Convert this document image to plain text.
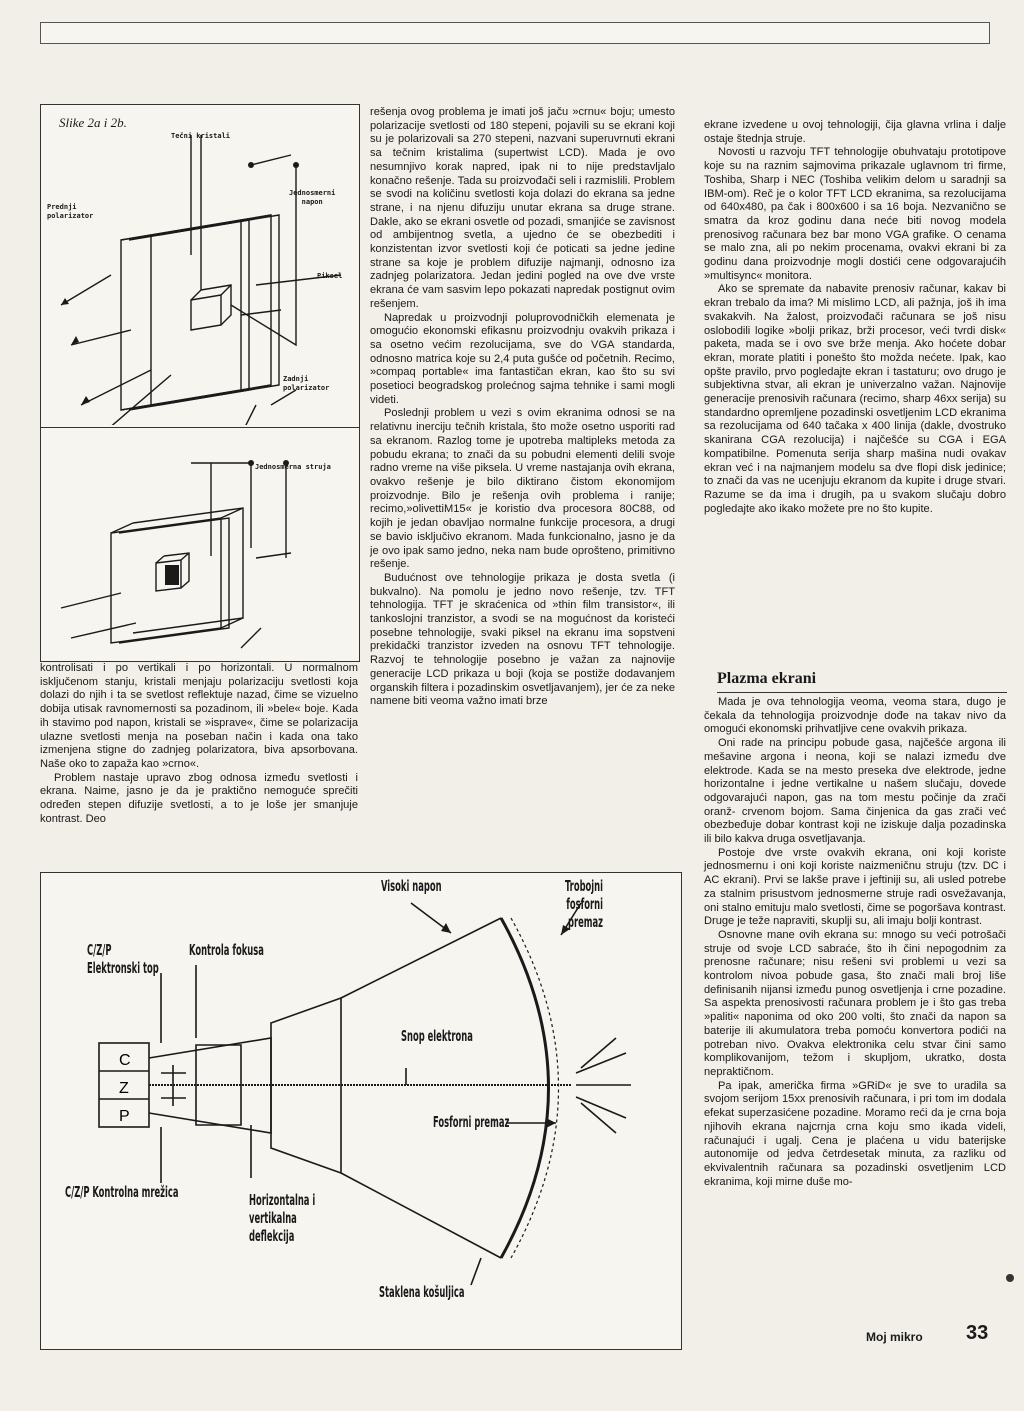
Slike 2a i 2b.
Tečni kristali
Prednji
polarizator
Jednosmerni
napon
Piksel
Zadnji
polarizator
Jednosmerna struja

kontrolisati i po vertikali i po horizontali. U normalnom isključenom stanju, kristali menjaju polarizaciju svetlosti koja dolazi do njih i ta se svetlost reflektuje nazad, čime se vizuelno dobija utisak ravnomernosti sa pozadinom, ili »bele« boje. Kada ih stavimo pod napon, kristali se »isprave«, čime se polarizacija ulazne svetlosti menja na poseban način i kada ona tako izmenjena stigne do zadnjeg polarizatora, biva apsorbovana. Naše oko to zapaža kao »crno«.

Problem nastaje upravo zbog odnosa između svetlosti i ekrana. Naime, jasno je da je praktično nemoguće sprečiti određen stepen difuzije svetlosti, a to je loše jer smanjuje kontrast. Deo

rešenja ovog problema je imati još jaču »crnu« boju; umesto polarizacije svetlosti od 180 stepeni, pojavili su se ekrani koji su je polarizovali sa 270 stepeni, nazvani superuvrnuti ekrani sa tečnim kristalima (supertwist LCD). Mada je ovo nesumnjivo korak napred, ipak ni to nije predstavljalo konačno rešenje. Tada su proizvođači seli i razmislili. Problem se svodi na količinu svetlosti koja dolazi do ekrana sa jedne strane, i na njenu difuziju unutar ekrana sa druge strane. Dakle, ako se ekrani osvetle od pozadi, smanjiće se zavisnost od ambijentnog svetla, a ujedno će se obezbediti i konzistentan izvor svetlosti koji će poticati sa jedne jedine strane sa koje je problem difuzije najmanji, odnosno iza zadnjeg polarizatora. Jedan jedini pogled na ove dve vrste ekrana će vam sasvim lepo pokazati napredak postignut ovim rešenjem.

Napredak u proizvodnji poluprovodničkih elemenata je omogućio ekonomski efikasnu proizvodnju ovakvih prikaza i sa osetno većim rezolucijama, sve do VGA standarda, odnosno matrica koje su 2,4 puta gušće od početnih. Recimo, »compaq portable« ima fantastičan ekran, kao što su svi posetioci beogradskog prolećnog sajma tehnike i sami mogli videti.

Poslednji problem u vezi s ovim ekranima odnosi se na relativnu inerciju tečnih kristala, što može osetno usporiti rad sa ekranom. Razlog tome je upotreba maltipleks metoda za pobudu ekrana; to znači da su pobudni elementi delili svoje radno vreme na više piksela. U vreme nastajanja ovih ekrana, ovakvo rešenje je bilo diktirano čistom ekonomijom proizvodnje. Bilo je rešenja ovih problema i ranije; recimo,»olivettiM15« je koristio dva procesora 80C88, od kojih je jedan obavljao normalne funkcije procesora, a drugi se bavio isključivo ekranom. Mada funkcionalno, jasno je da je ovo ipak samo jedno, neka nam bude oprošteno, primitivno rešenje.

Budućnost ove tehnologije prikaza je dosta svetla (i bukvalno). Na pomolu je jedno novo rešenje, tzv. TFT tehnologija. TFT je skraćenica od »thin film transistor«, ili tankoslojni tranzistor, a svodi se na mogućnost da koristeći posebne tehnologije, svaki piksel na ekranu ima sopstveni prekidački tranzistor izveden na osnovu TFT tehnologije. Razvoj te tehnologije posebno je važan za najnovije generacije LCD prikaza u boji (koja se postiže dodavanjem organskih filtera i pozadinskim osvetljavanjem), jer će za neke namene biti veoma važno imati brze

ekrane izvedene u ovoj tehnologiji, čija glavna vrlina i dalje ostaje štednja struje.

Novosti u razvoju TFT tehnologije obuhvataju prototipove koje su na raznim sajmovima prikazale uglavnom tri firme, Toshiba, Sharp i NEC (Toshiba velikim delom u saradnji sa IBM-om). Reč je o kolor TFT LCD ekranima, sa rezolucijama od 640x480, pa čak i 800x600 i sa 16 boja. Nezvanično se smatra da kroz godinu dana neće biti novog modela prenosivog računara bez bar mono VGA grafike. O cenama se malo zna, ali po nekim procenama, ovakvi ekrani bi za godinu dana proizvodnje mogli dostići cene odgovarajućih »multisync« monitora.

Ako se spremate da nabavite prenosiv računar, kakav bi ekran trebalo da ima? Mi mislimo LCD, ali pažnja, još ih ima svakakvih. Na žalost, proizvođači računara se još nisu oslobodili logike »bolji prikaz, brži procesor, veći tvrdi disk« paketa, mada se i ovo sve brže menja. Ako hoćete dobar ekran, morate platiti i ponešto što možda nećete. Ipak, kao opšte pravilo, prvo pogledajte ekran i tastaturu; ovo drugo je subjektivna stvar, ali ekran je univerzalno važan. Najnovije generacije prenosivih računara (recimo, sharp 46xx serija) su standardno opremljene pozadinski osvetljenim LCD ekranima sa rezolucijama od 640 tačaka x 400 linija (dakle, dvostruko skanirana CGA rezolucija) i najčešće su CGA i EGA kompatibilne. Pomenuta serija sharp mašina nudi ovakav ekran već i na najmanjem modelu sa dve flopi disk jedinice; to znači da vas ne ucenjuju ekranom da kupite i druge stvari. Razume se da ima i drugih, pa u svakom slučaju dobro pogledajte ako ikako možete pre no što kupite.

Plazma ekrani

Mada je ova tehnologija veoma, veoma stara, dugo je čekala da tehnologija proizvodnje dođe na takav nivo da omogući ekonomski prihvatljive cene ovakvih prikaza.

Oni rade na principu pobude gasa, najčešće argona ili mešavine argona i neona, koji se nalazi između dve elektrode. Kada se na mesto preseka dve elektrode, jedne horizontalne i jedne vertikalne u našem slučaju, dovede odgovarajući napon, gas na tom mestu počinje da zrači oranž- crvenom bojom. Sama činjenica da gas zrači već obezbeđuje dobar kontrast koji ne iziskuje dalja pozadinska ili bilo kakva druga osvetljavanja.

Postoje dve vrste ovakvih ekrana, oni koji koriste jednosmernu i oni koji koriste naizmeničnu struju (tzv. DC i AC ekrani). Prvi se lakše prave i jeftiniji su, ali usled potrebe za stalnim prisustvom jednosmerne struje radi osvežavanja, oni stalno emituju malo svetlosti, čime se pogoršava kontrast. Druge je teže napraviti, skuplji su, ali imaju bolji kontrast.

Osnovne mane ovih ekrana su: mnogo su veći potrošači struje od svoje LCD sabraće, što ih čini nepogodnim za prenosne računare; nisu rešeni svi problemi u vezi sa kontrolom nivoa pobude gasa, što znači mali broj liše definisanih nijansi između punog osvetljenja i crne pozadine. Sa aspekta prenosivosti računara problem je i što gas treba »paliti« naponima od oko 200 volti, što znači da napon sa baterije ili akumulatora treba pomoću konvertora podići na potreban nivo. Ovakva elektronika celu stvar čini samo komplikovanijom, težom i skupljom, ukratko, dosta nepraktičnom.

Pa ipak, američka firma »GRiD« je sve to uradila sa svojom serijom 15xx prenosivih računara, i pri tom im dodala efekat superzasićene pozadine. Moramo reći da je crna boja njihovih ekrana najcrnja crna koju smo ikada videli, računajući i ugalj. Cena je plaćena u vidu baterijske autonomije od jedva četrdesetak minuta, za razliku od ekvivalentnih računara sa pozadinski osvetljenim LCD ekranima, koji mirne duše mo-

C
Z
P
Visoki napon	Trobojni
fosforni
premaz
C/Z/P
Elektronski top
Kontrola fokusa
Snop elektrona
Fosforni premaz
C/Z/P Kontrolna mrežica	Horizontalna i
vertikalna
deflekcija
Staklena košuljica
Moj mikro 33
